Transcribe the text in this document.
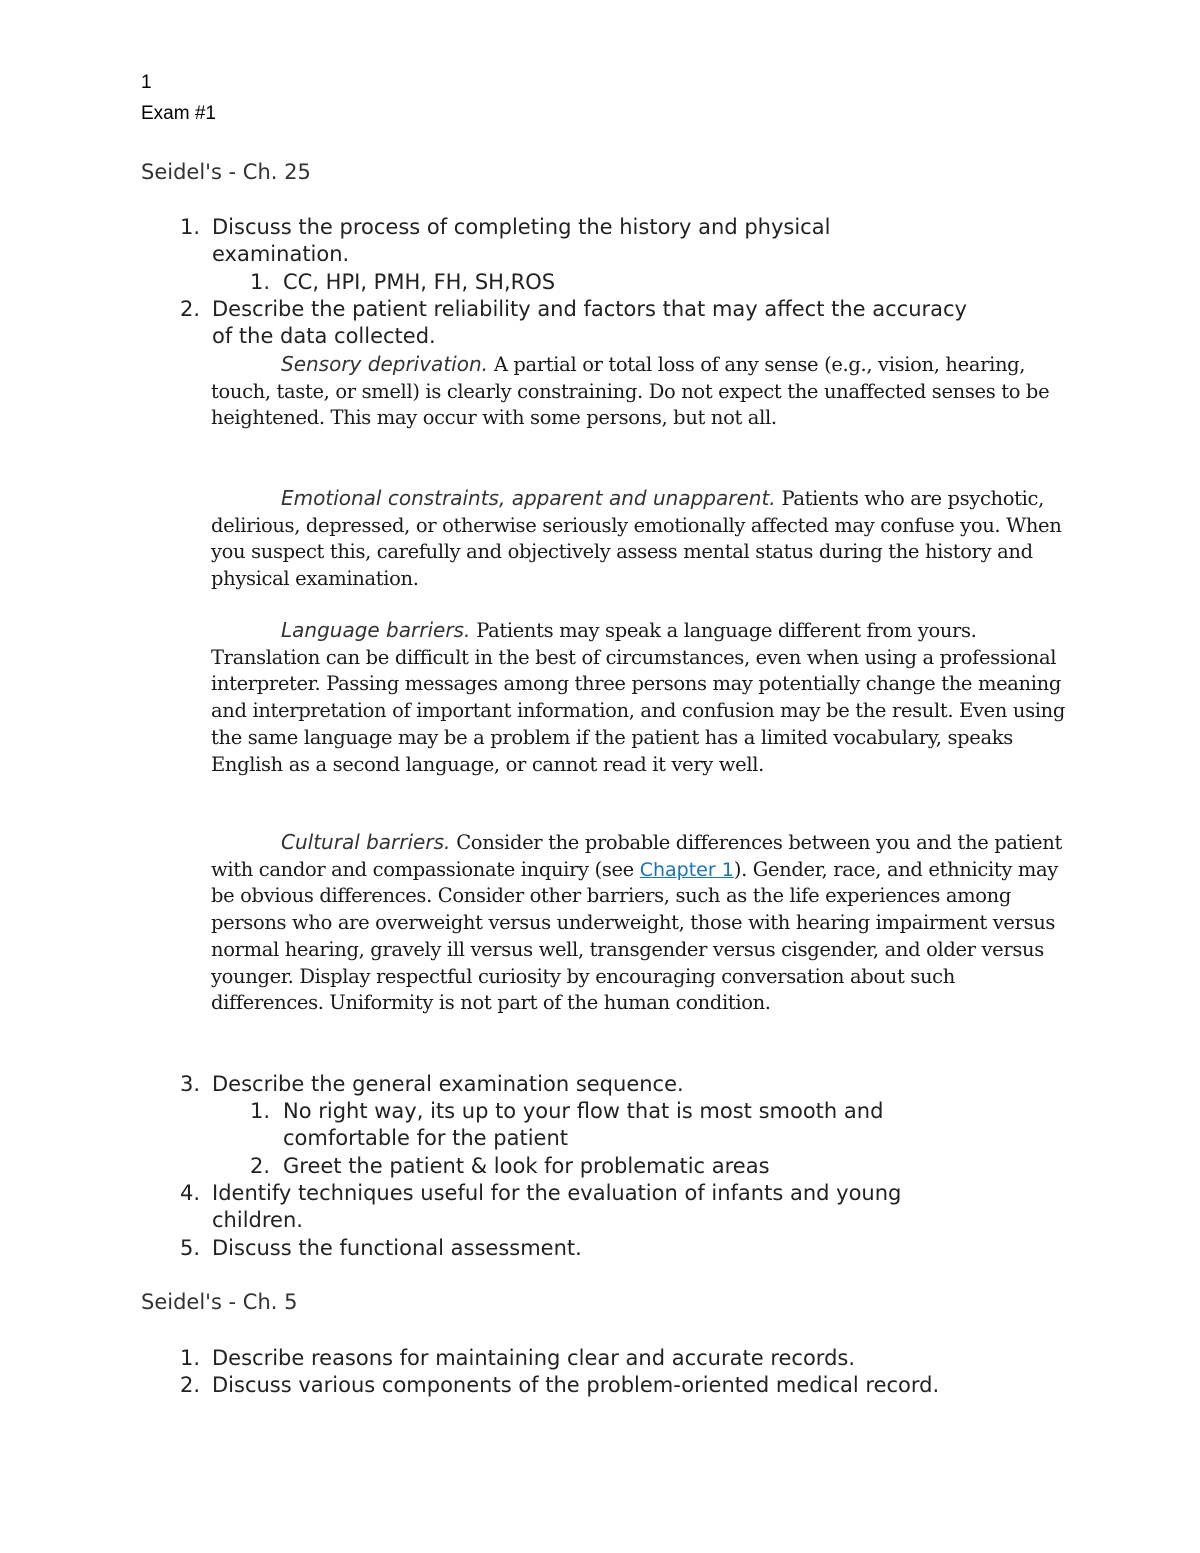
1
Exam #1
Seidel's - Ch. 25
1. Discuss the process of completing the history and physical
examination.
1. CC, HPI, PMH, FH, SH,ROS
2. Describe the patient reliability and factors that may affect the accuracy
of the data collected.
Sensory deprivation. A partial or total loss of any sense (e.g., vision, hearing, touch, taste, or smell) is clearly constraining. Do not expect the unaffected senses to be heightened. This may occur with some persons, but not all.
Emotional constraints, apparent and unapparent. Patients who are psychotic, delirious, depressed, or otherwise seriously emotionally affected may confuse you. When you suspect this, carefully and objectively assess mental status during the history and physical examination.
Language barriers. Patients may speak a language different from yours. Translation can be difficult in the best of circumstances, even when using a professional interpreter. Passing messages among three persons may potentially change the meaning and interpretation of important information, and confusion may be the result. Even using the same language may be a problem if the patient has a limited vocabulary, speaks English as a second language, or cannot read it very well.
Cultural barriers. Consider the probable differences between you and the patient with candor and compassionate inquiry (see Chapter 1). Gender, race, and ethnicity may be obvious differences. Consider other barriers, such as the life experiences among persons who are overweight versus underweight, those with hearing impairment versus normal hearing, gravely ill versus well, transgender versus cisgender, and older versus younger. Display respectful curiosity by encouraging conversation about such differences. Uniformity is not part of the human condition.
3. Describe the general examination sequence.
1. No right way, its up to your flow that is most smooth and
comfortable for the patient
2. Greet the patient & look for problematic areas
4. Identify techniques useful for the evaluation of infants and young
children.
5. Discuss the functional assessment.
Seidel's - Ch. 5
1. Describe reasons for maintaining clear and accurate records.
2. Discuss various components of the problem-oriented medical record.
